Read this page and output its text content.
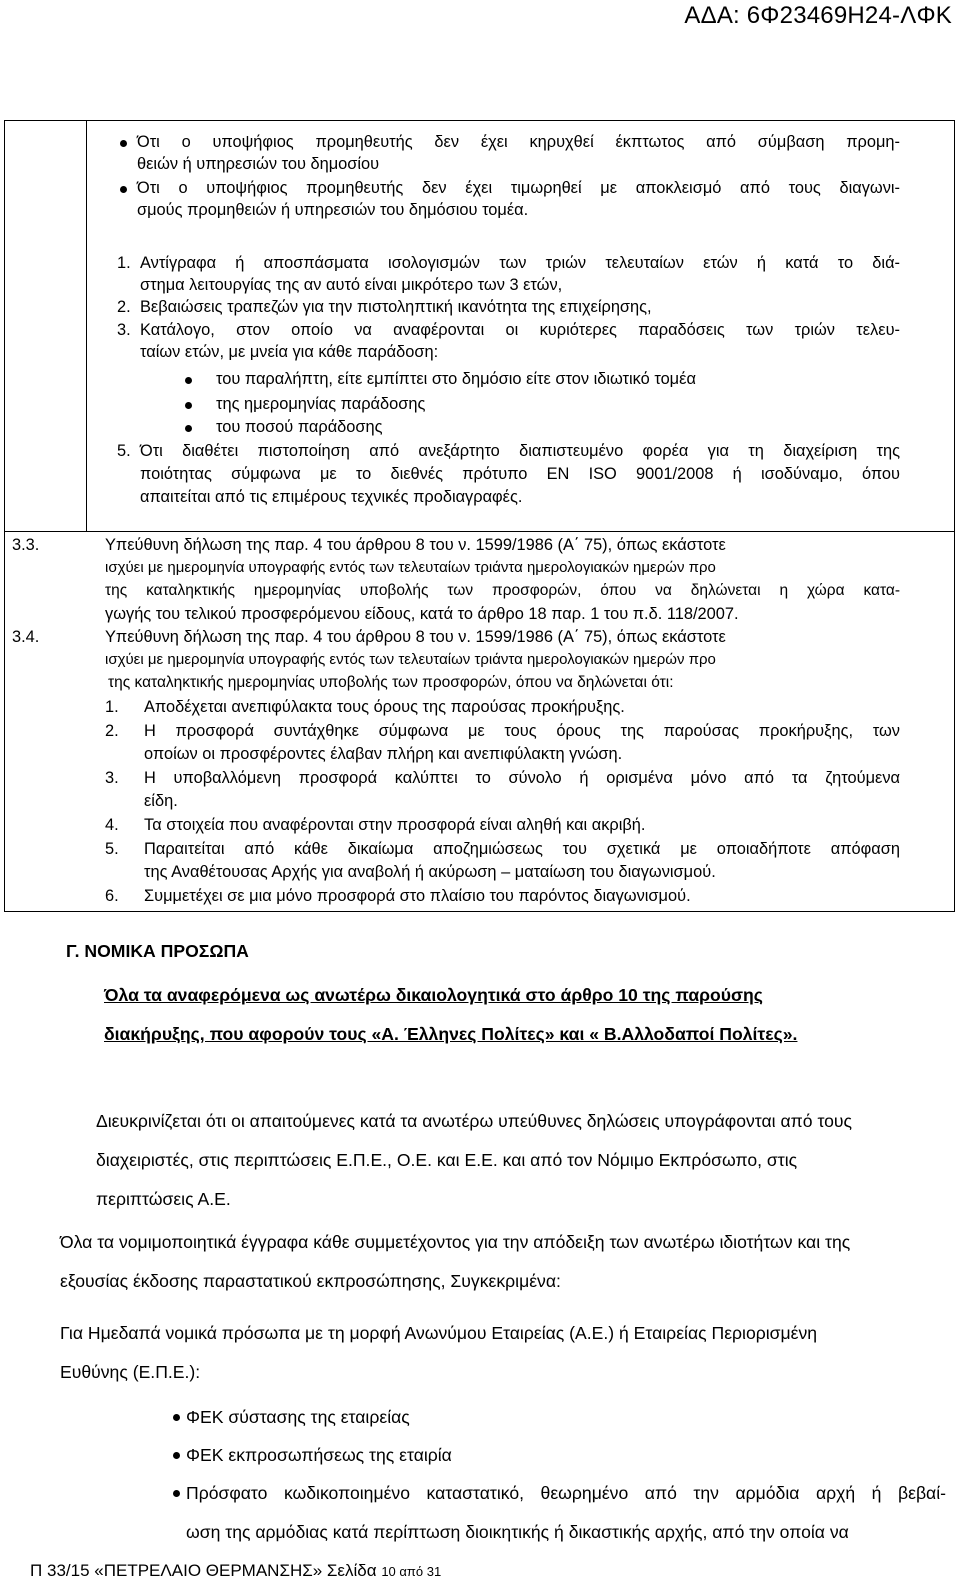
ΑΔΑ: 6Φ23469Η24-ΛΦΚ
Ότι ο υποψήφιος προμηθευτής δεν έχει κηρυχθεί έκπτωτος από σύμβαση προμη-
θειών ή υπηρεσιών του δημοσίου
Ότι ο υποψήφιος προμηθευτής δεν έχει τιμωρηθεί με αποκλεισμό από τους διαγωνι-
σμούς προμηθειών ή υπηρεσιών του δημόσιου τομέα.
1. Αντίγραφα ή αποσπάσματα ισολογισμών των τριών τελευταίων ετών ή κατά το διά-
στημα λειτουργίας της αν αυτό είναι μικρότερο των 3 ετών,
2. Βεβαιώσεις τραπεζών για την πιστοληπτική ικανότητα της επιχείρησης,
3. Κατάλογο, στον οποίο να αναφέρονται οι κυριότερες παραδόσεις των τριών τελευ-
ταίων ετών, με μνεία για κάθε παράδοση:
του παραλήπτη, είτε εμπίπτει στο δημόσιο είτε στον ιδιωτικό τομέα
της ημερομηνίας παράδοσης
του ποσού παράδοσης
5. Ότι διαθέτει πιστοποίηση από ανεξάρτητο διαπιστευμένο φορέα για τη διαχείριση της
ποιότητας σύμφωνα με το διεθνές πρότυπο EN ISO 9001/2008 ή ισοδύναμο, όπου
απαιτείται από τις επιμέρους τεχνικές προδιαγραφές.
3.3.	Υπεύθυνη δήλωση της παρ. 4 του άρθρου 8 του ν. 1599/1986 (Α΄ 75), όπως εκάστοτε
ισχύει με ημερομηνία υπογραφής εντός των τελευταίων τριάντα ημερολογιακών ημερών προ
της καταληκτικής ημερομηνίας υποβολής των προσφορών, όπου να δηλώνεται η χώρα κατα-
γωγής του τελικού προσφερόμενου είδους, κατά το άρθρο 18 παρ. 1 του π.δ. 118/2007.
3.4.	Υπεύθυνη δήλωση της παρ. 4 του άρθρου 8 του ν. 1599/1986 (Α΄ 75), όπως εκάστοτε
ισχύει με ημερομηνία υπογραφής εντός των τελευταίων τριάντα ημερολογιακών ημερών προ
της καταληκτικής ημερομηνίας υποβολής των προσφορών, όπου να δηλώνεται ότι:
1. Αποδέχεται ανεπιφύλακτα τους όρους της παρούσας προκήρυξης.
2. Η προσφορά συντάχθηκε σύμφωνα με τους όρους της παρούσας προκήρυξης, των
οποίων οι προσφέροντες έλαβαν πλήρη και ανεπιφύλακτη γνώση.
3. Η υποβαλλόμενη προσφορά καλύπτει το σύνολο ή ορισμένα μόνο από τα ζητούμενα
είδη.
4. Τα στοιχεία που αναφέρονται στην προσφορά είναι αληθή και ακριβή.
5. Παραιτείται από κάθε δικαίωμα αποζημιώσεως του σχετικά με οποιαδήποτε απόφαση
της Αναθέτουσας Αρχής για αναβολή ή ακύρωση – ματαίωση του διαγωνισμού.
6. Συμμετέχει σε μια μόνο προσφορά στο πλαίσιο του παρόντος διαγωνισμού.
Γ. ΝΟΜΙΚΑ ΠΡΟΣΩΠΑ
Όλα τα αναφερόμενα ως ανωτέρω δικαιολογητικά στο άρθρο 10 της παρούσης
διακήρυξης, που αφορούν τους «Α. Έλληνες Πολίτες» και « Β.Αλλοδαποί Πολίτες».
Διευκρινίζεται ότι οι απαιτούμενες κατά τα ανωτέρω υπεύθυνες δηλώσεις υπογράφονται από τους
διαχειριστές, στις περιπτώσεις Ε.Π.Ε., Ο.Ε. και Ε.Ε. και από τον Νόμιμο Εκπρόσωπο, στις
περιπτώσεις Α.Ε.
Όλα τα νομιμοποιητικά έγγραφα κάθε συμμετέχοντος για την απόδειξη των ανωτέρω ιδιοτήτων και της
εξουσίας έκδοσης παραστατικού εκπροσώπησης, Συγκεκριμένα:
Για Ημεδαπά νομικά πρόσωπα με τη μορφή Ανωνύμου Εταιρείας (Α.Ε.) ή Εταιρείας Περιορισμένη
Ευθύνης (Ε.Π.Ε.):
ΦΕΚ σύστασης της εταιρείας
ΦΕΚ εκπροσωπήσεως της εταιρία
Πρόσφατο κωδικοποιημένο καταστατικό, θεωρημένο από την αρμόδια αρχή ή βεβαί-
ωση της αρμόδιας κατά περίπτωση διοικητικής ή δικαστικής αρχής, από την οποία να
Π 33/15 «ΠΕΤΡΕΛΑΙΟ ΘΕΡΜΑΝΣΗΣ» Σελίδα 10 από 31
